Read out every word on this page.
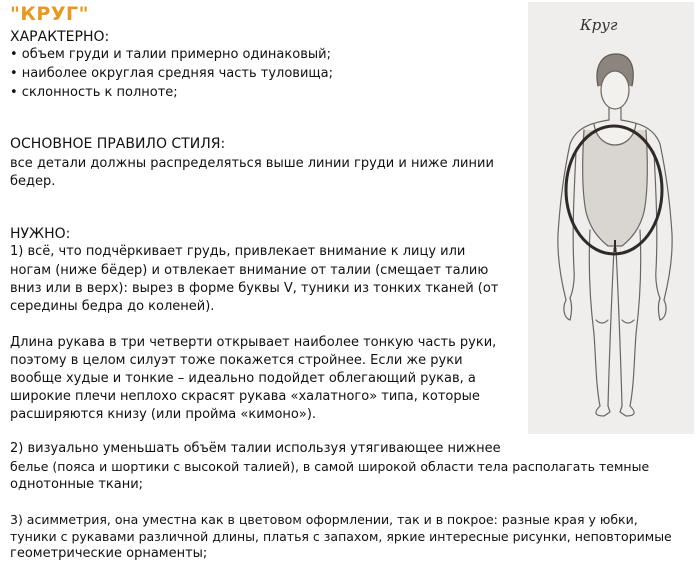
"КРУГ"

ХАРАКТЕРНО:

• объем груди и талии примерно одинаковый;

• наиболее округлая средняя часть туловища;

• склонность к полноте;

ОСНОВНОЕ ПРАВИЛО СТИЛЯ:

все детали должны распределяться выше линии груди и ниже линии

бедер.

НУЖНО:

1) всё, что подчёркивает грудь, привлекает внимание к лицу или

ногам (ниже бёдер) и отвлекает внимание от талии (смещает талию

вниз или в верх): вырез в форме буквы V, туники из тонких тканей (от

середины бедра до коленей).

Длина рукава в три четверти открывает наиболее тонкую часть руки,

поэтому в целом силуэт тоже покажется стройнее. Если же руки

вообще худые и тонкие – идеально подойдет облегающий рукав, а

широкие плечи неплохо скрасят рукава «халатного» типа, которые

расширяются книзу (или пройма «кимоно»).

2) визуально уменьшать объём талии используя утягивающее нижнее

белье (пояса и шортики с высокой талией), в самой широкой области тела располагать темные

однотонные ткани;

3) асимметрия, она уместна как в цветовом оформлении, так и в покрое: разные края у юбки,

туники с рукавами различной длины, платья с запахом, яркие интересные рисунки, неповторимые

геометрические орнаменты;

Круг
